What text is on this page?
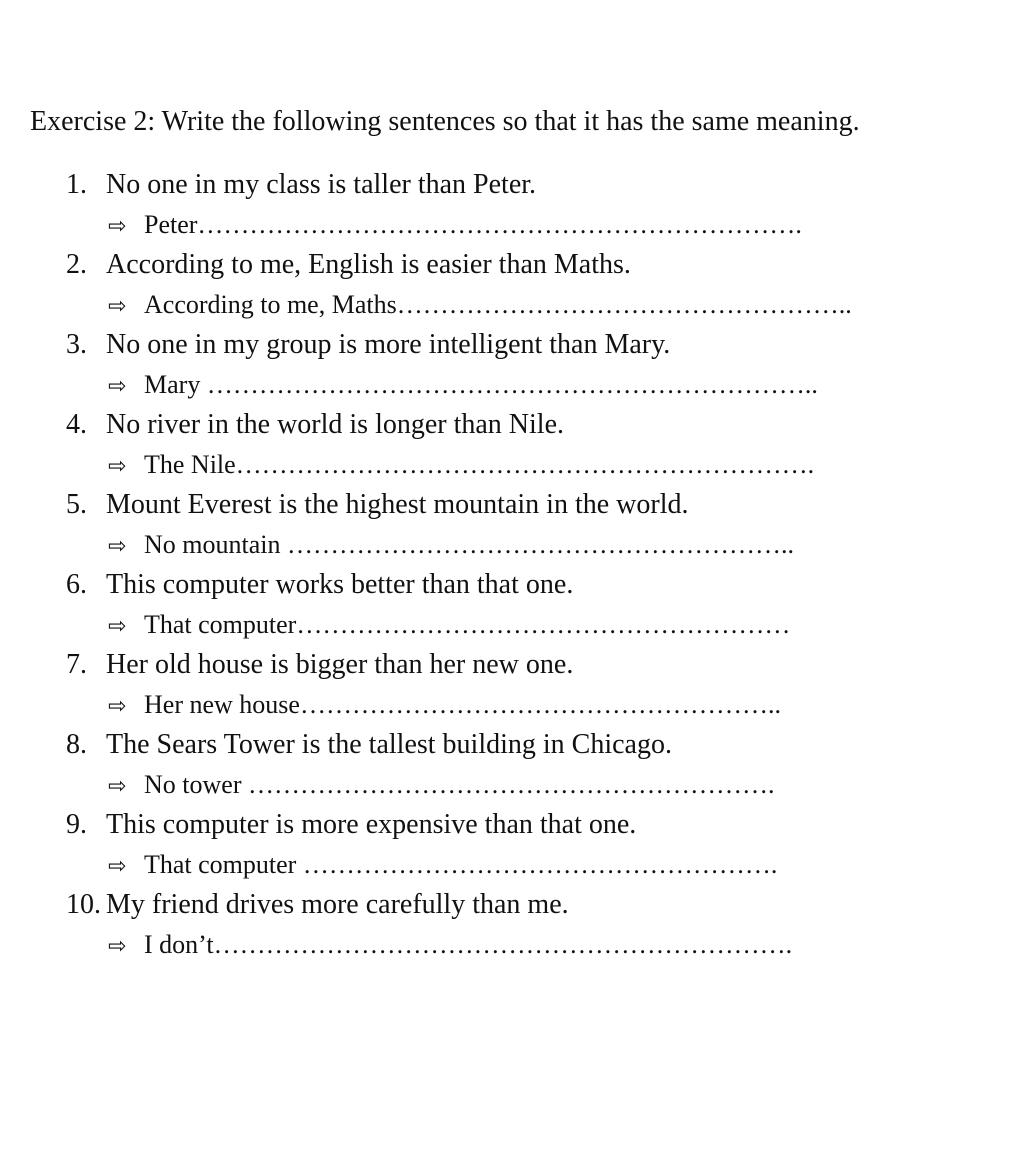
Exercise 2: Write the following sentences so that it has the same meaning.
1. No one in my class is taller than Peter.
⇨ Peter…………………………………………………………….
2. According to me, English is easier than Maths.
⇨ According to me, Maths……………………………………………..
3. No one in my group is more intelligent than Mary.
⇨ Mary ……………………………………………………………..
4. No river in the world is longer than Nile.
⇨ The Nile………………………………………………………….
5. Mount Everest is the highest mountain in the world.
⇨ No mountain …………………………………………………..
6. This computer works better than that one.
⇨ That computer…………………………………………………
7. Her old house is bigger than her new one.
⇨ Her new house………………………………………………..
8. The Sears Tower is the tallest building in Chicago.
⇨ No tower …………………………………………………….
9. This computer is more expensive than that one.
⇨ That computer ……………………………………………….
10. My friend drives more carefully than me.
⇨ I don’t………………………………………………………….
